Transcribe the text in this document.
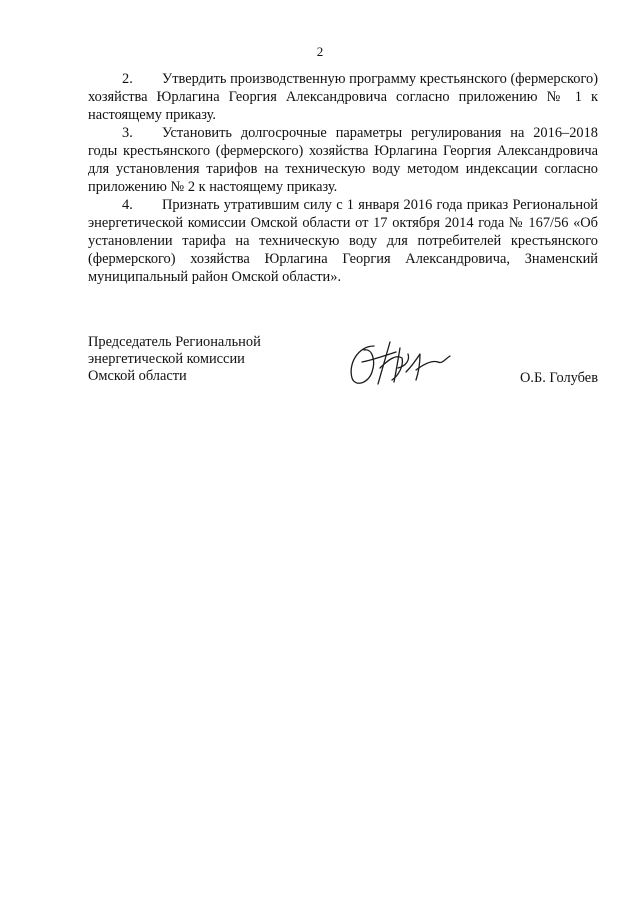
2

2. Утвердить производственную программу крестьянского (фермерского) хозяйства Юрлагина Георгия Александровича согласно приложению № 1 к настоящему приказу.

3. Установить долгосрочные параметры регулирования на 2016–2018 годы крестьянского (фермерского) хозяйства Юрлагина Георгия Александровича для установления тарифов на техническую воду методом индексации согласно приложению № 2 к настоящему приказу.

4. Признать утратившим силу с 1 января 2016 года приказ Региональной энергетической комиссии Омской области от 17 октября 2014 года № 167/56 «Об установлении тарифа на техническую воду для потребителей крестьянского (фермерского) хозяйства Юрлагина Георгия Александровича, Знаменский муниципальный район Омской области».

Председатель Региональной
энергетической комиссии
Омской области	О.Б. Голубев
